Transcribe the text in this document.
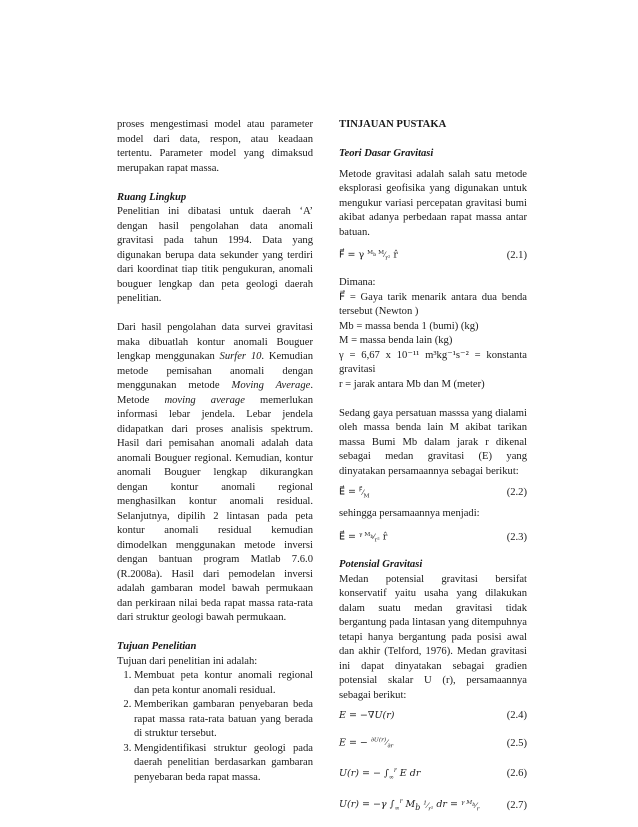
proses mengestimasi model atau parameter model dari data, respon, atau keadaan tertentu. Parameter model yang dimaksud merupakan rapat massa.

Ruang Lingkup

Penelitian ini dibatasi untuk daerah ‘A’ dengan hasil pengolahan data anomali gravitasi pada tahun 1994. Data yang digunakan berupa data sekunder yang terdiri dari koordinat tiap titik pengukuran, anomali bouguer lengkap dan peta geologi daerah penelitian.

Dari hasil pengolahan data survei gravitasi maka dibuatlah kontur anomali Bouguer lengkap menggunakan Surfer 10. Kemudian metode pemisahan anomali dengan menggunakan metode Moving Average. Metode moving average memerlukan informasi lebar jendela. Lebar jendela didapatkan dari proses analisis spektrum. Hasil dari pemisahan anomali adalah data anomali Bouguer regional. Kemudian, kontur anomali Bouguer lengkap dikurangkan dengan kontur anomali regional menghasilkan kontur anomali residual. Selanjutnya, dipilih 2 lintasan pada peta kontur anomali residual kemudian dimodelkan menggunakan metode inversi dengan bantuan program Matlab 7.6.0 (R.2008a). Hasil dari pemodelan inversi adalah gambaran model bawah permukaan dan perkiraan nilai beda rapat massa rata-rata dari struktur geologi bawah permukaan.

Tujuan Penelitian

Tujuan dari penelitian ini adalah:

1. Membuat peta kontur anomali regional dan peta kontur anomali residual.
2. Memberikan gambaran penyebaran beda rapat massa rata-rata batuan yang berada di struktur tersebut.
3. Mengidentifikasi struktur geologi pada daerah penelitian berdasarkan gambaran penyebaran beda rapat massa.
TINJAUAN PUSTAKA
Teori Dasar Gravitasi

Metode gravitasi adalah salah satu metode eksplorasi geofisika yang digunakan untuk mengukur variasi percepatan gravitasi bumi akibat adanya perbedaan rapat massa antar batuan.

F⃗ = γ $^{M_b M}⁄_{r^2}$ r̂	(2.1)

Dimana:

F⃗ = Gaya tarik menarik antara dua benda tersebut (Newton )

Mb = massa benda 1 (bumi) (kg)

M = massa benda lain (kg)

γ = 6,67 x 10⁻¹¹ m³kg⁻¹s⁻² = konstanta gravitasi

r = jarak antara Mb dan M (meter)

Sedang gaya persatuan masssa yang dialami oleh massa benda lain M akibat tarikan massa Bumi Mb dalam jarak r dikenal sebagai medan gravitasi (E) yang dinyatakan persamaannya sebagai berikut:

E⃗ = $^{F⃗}⁄_M$	(2.2)

sehingga persamaannya menjadi:

E⃗ = $^{\gamma M_b}⁄_{r^2}$ r̂	(2.3)
Potensial Gravitasi

Medan potensial gravitasi bersifat konservatif yaitu usaha yang dilakukan dalam suatu medan gravitasi tidak bergantung pada lintasan yang ditempuhnya tetapi hanya bergantung pada posisi awal dan akhir (Telford, 1976). Medan gravitasi ini dapat dinyatakan sebagai gradien potensial skalar U (r), persamaannya sebagai berikut:

E = −∇U(r)	(2.4)
E = − $^{\partial U(r)}⁄_{\partial r}$	(2.5)
U(r) = − $\int_\infty^r$ E dr	(2.6)
U(r) = −γ $\int_\infty^r$ $M_b$ $^1⁄_{r^2}$ dr = $^{\gamma M_b}⁄_r$	(2.7)
